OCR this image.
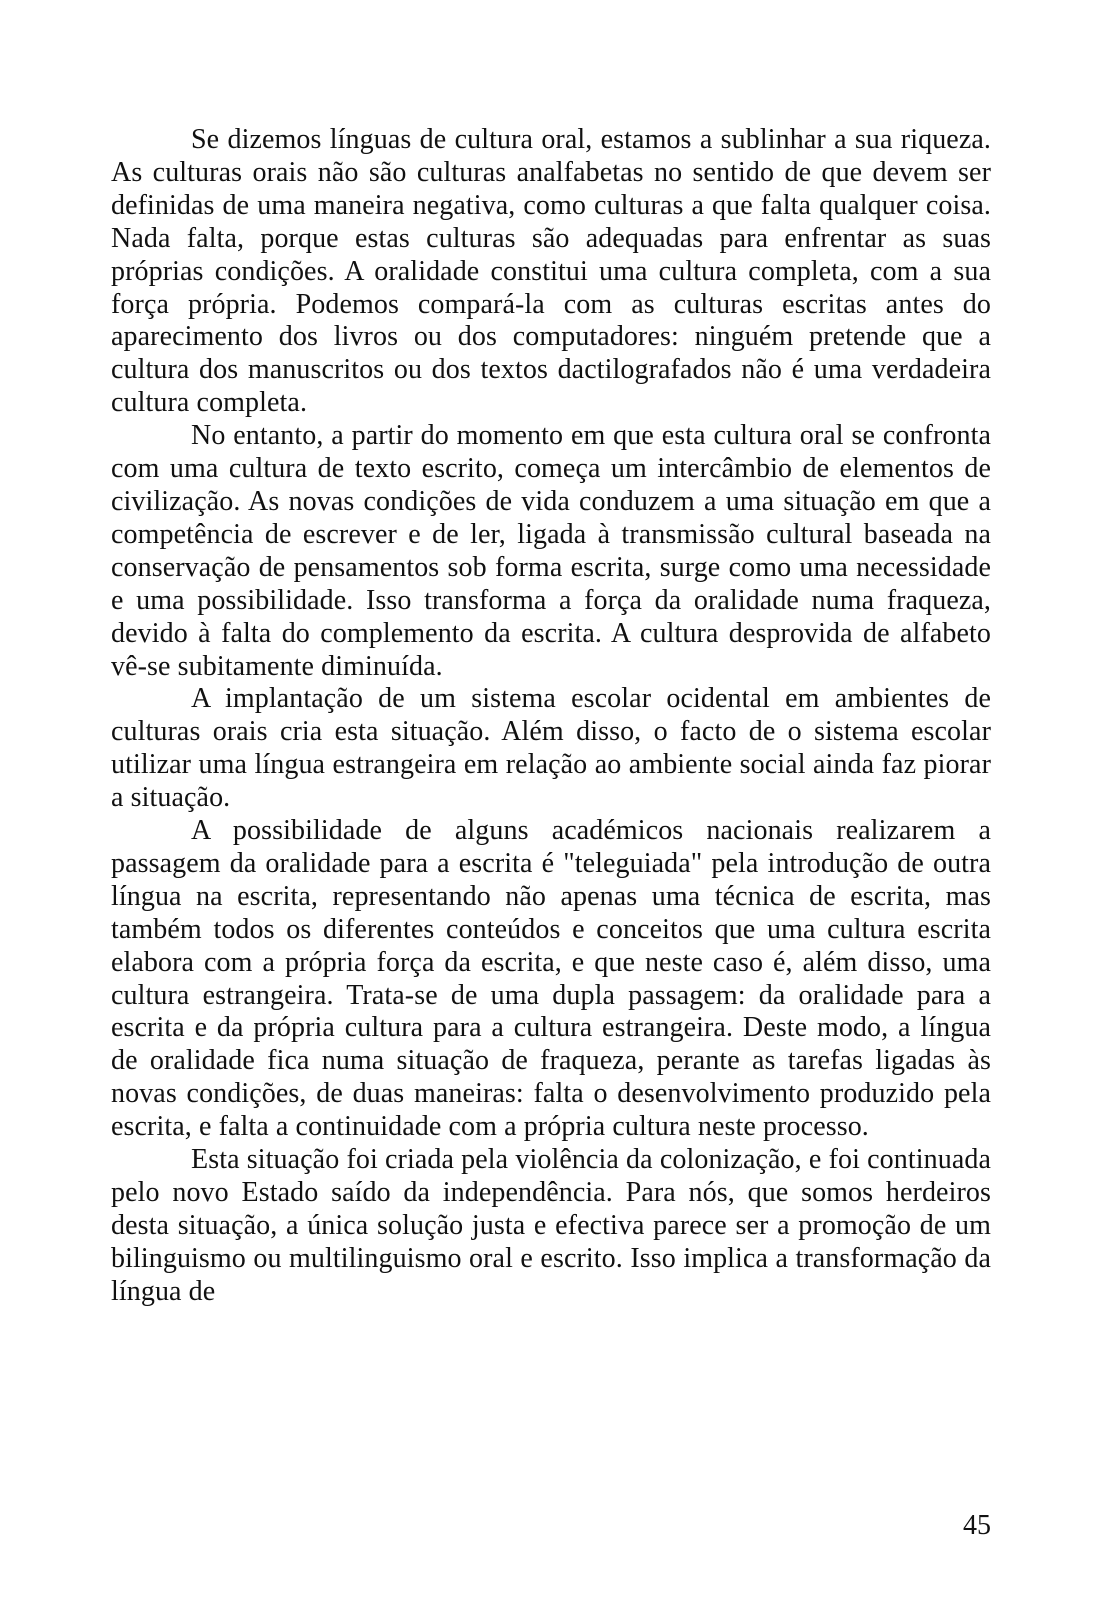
Se dizemos línguas de cultura oral, estamos a sublinhar a sua riqueza. As culturas orais não são culturas analfabetas no sentido de que devem ser definidas de uma maneira negativa, como culturas a que falta qualquer coisa. Nada falta, porque estas culturas são adequadas para enfrentar as suas próprias condições. A oralidade constitui uma cultura completa, com a sua força própria. Podemos compará-la com as culturas escritas antes do aparecimento dos livros ou dos computadores: ninguém pretende que a cultura dos manuscritos ou dos textos dactilografados não é uma verdadeira cultura completa.

No entanto, a partir do momento em que esta cultura oral se confronta com uma cultura de texto escrito, começa um intercâmbio de elementos de civilização. As novas condições de vida conduzem a uma situação em que a competência de escrever e de ler, ligada à transmissão cultural baseada na conservação de pensamentos sob forma escrita, surge como uma necessidade e uma possibilidade. Isso transforma a força da oralidade numa fraqueza, devido à falta do complemento da escrita. A cultura desprovida de alfabeto vê-se subitamente diminuída.

A implantação de um sistema escolar ocidental em ambientes de culturas orais cria esta situação. Além disso, o facto de o sistema escolar utilizar uma língua estrangeira em relação ao ambiente social ainda faz piorar a situação.

A possibilidade de alguns académicos nacionais realizarem a passagem da oralidade para a escrita é "teleguiada" pela introdução de outra língua na escrita, representando não apenas uma técnica de escrita, mas também todos os diferentes conteúdos e conceitos que uma cultura escrita elabora com a própria força da escrita, e que neste caso é, além disso, uma cultura estrangeira. Trata-se de uma dupla passagem: da oralidade para a escrita e da própria cultura para a cultura estrangeira. Deste modo, a língua de oralidade fica numa situação de fraqueza, perante as tarefas ligadas às novas condições, de duas maneiras: falta o desenvolvimento produzido pela escrita, e falta a continuidade com a própria cultura neste processo.

Esta situação foi criada pela violência da colonização, e foi continuada pelo novo Estado saído da independência. Para nós, que somos herdeiros desta situação, a única solução justa e efectiva parece ser a promoção de um bilinguismo ou multilinguismo oral e escrito. Isso implica a transformação da língua de

45
